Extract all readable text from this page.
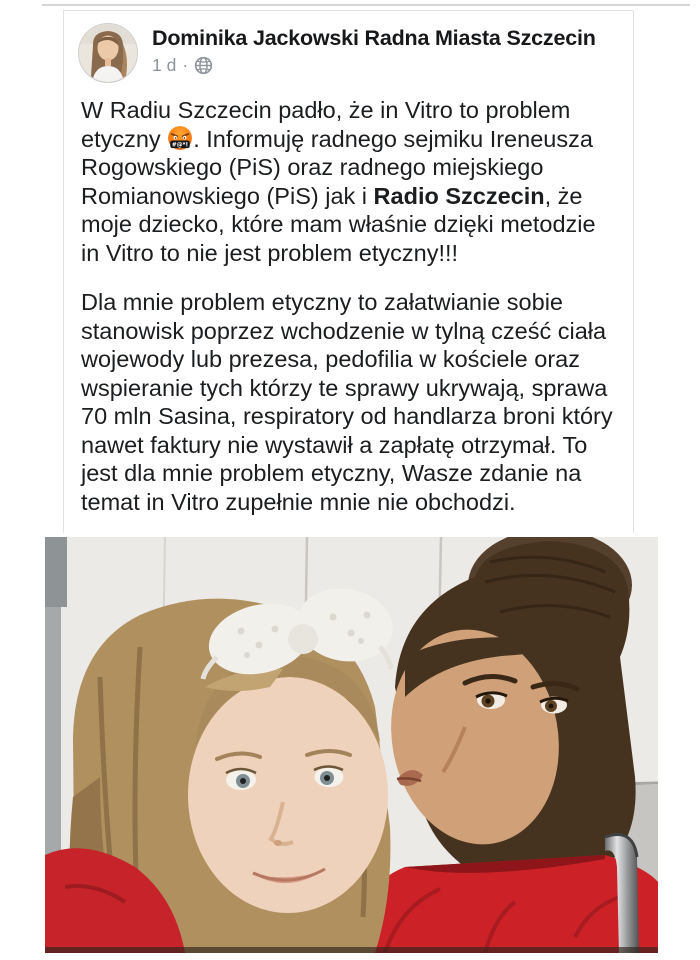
Dominika Jackowski Radna Miasta Szczecin
1 d ·

W Radiu Szczecin padło, że in Vitro to problem etyczny #@*! . Informuję radnego sejmiku Ireneusza Rogowskiego (PiS) oraz radnego miejskiego Romianowskiego (PiS) jak i Radio Szczecin, że moje dziecko, które mam właśnie dzięki metodzie in Vitro to nie jest problem etyczny!!!

Dla mnie problem etyczny to załatwianie sobie stanowisk poprzez wchodzenie w tylną cześć ciała wojewody lub prezesa, pedofilia w kościele oraz wspieranie tych którzy te sprawy ukrywają, sprawa 70 mln Sasina, respiratory od handlarza broni który nawet faktury nie wystawił a zapłatę otrzymał. To jest dla mnie problem etyczny, Wasze zdanie na temat in Vitro zupełnie mnie nie obchodzi.
